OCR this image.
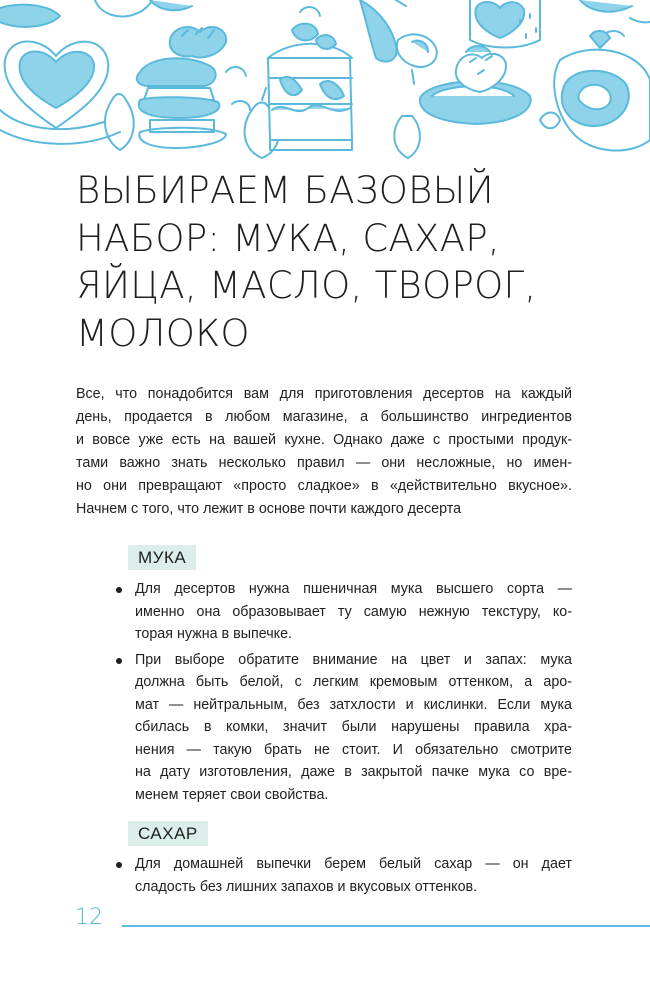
ВЫБИРАЕМ БАЗОВЫЙ
НАБОР: МУКА, САХАР,
ЯЙЦА, МАСЛО, ТВОРОГ,
МОЛОКО
Все, что понадобится вам для приготовления десертов на каждый
день, продается в любом магазине, а большинство ингредиентов
и вовсе уже есть на вашей кухне. Однако даже с простыми продук-
тами важно знать несколько правил — они несложные, но имен-
но они превращают «просто сладкое» в «действительно вкусное».
Начнем с того, что лежит в основе почти каждого десерта
МУКА
Для десертов нужна пшеничная мука высшего сорта —
именно она образовывает ту самую нежную текстуру, ко-
торая нужна в выпечке.
При выборе обратите внимание на цвет и запах: мука
должна быть белой, с легким кремовым оттенком, а аро-
мат — нейтральным, без затхлости и кислинки. Если мука
сбилась в комки, значит были нарушены правила хра-
нения — такую брать не стоит. И обязательно смотрите
на дату изготовления, даже в закрытой пачке мука со вре-
менем теряет свои свойства.
САХАР
Для домашней выпечки берем белый сахар — он дает
сладость без лишних запахов и вкусовых оттенков.
12
